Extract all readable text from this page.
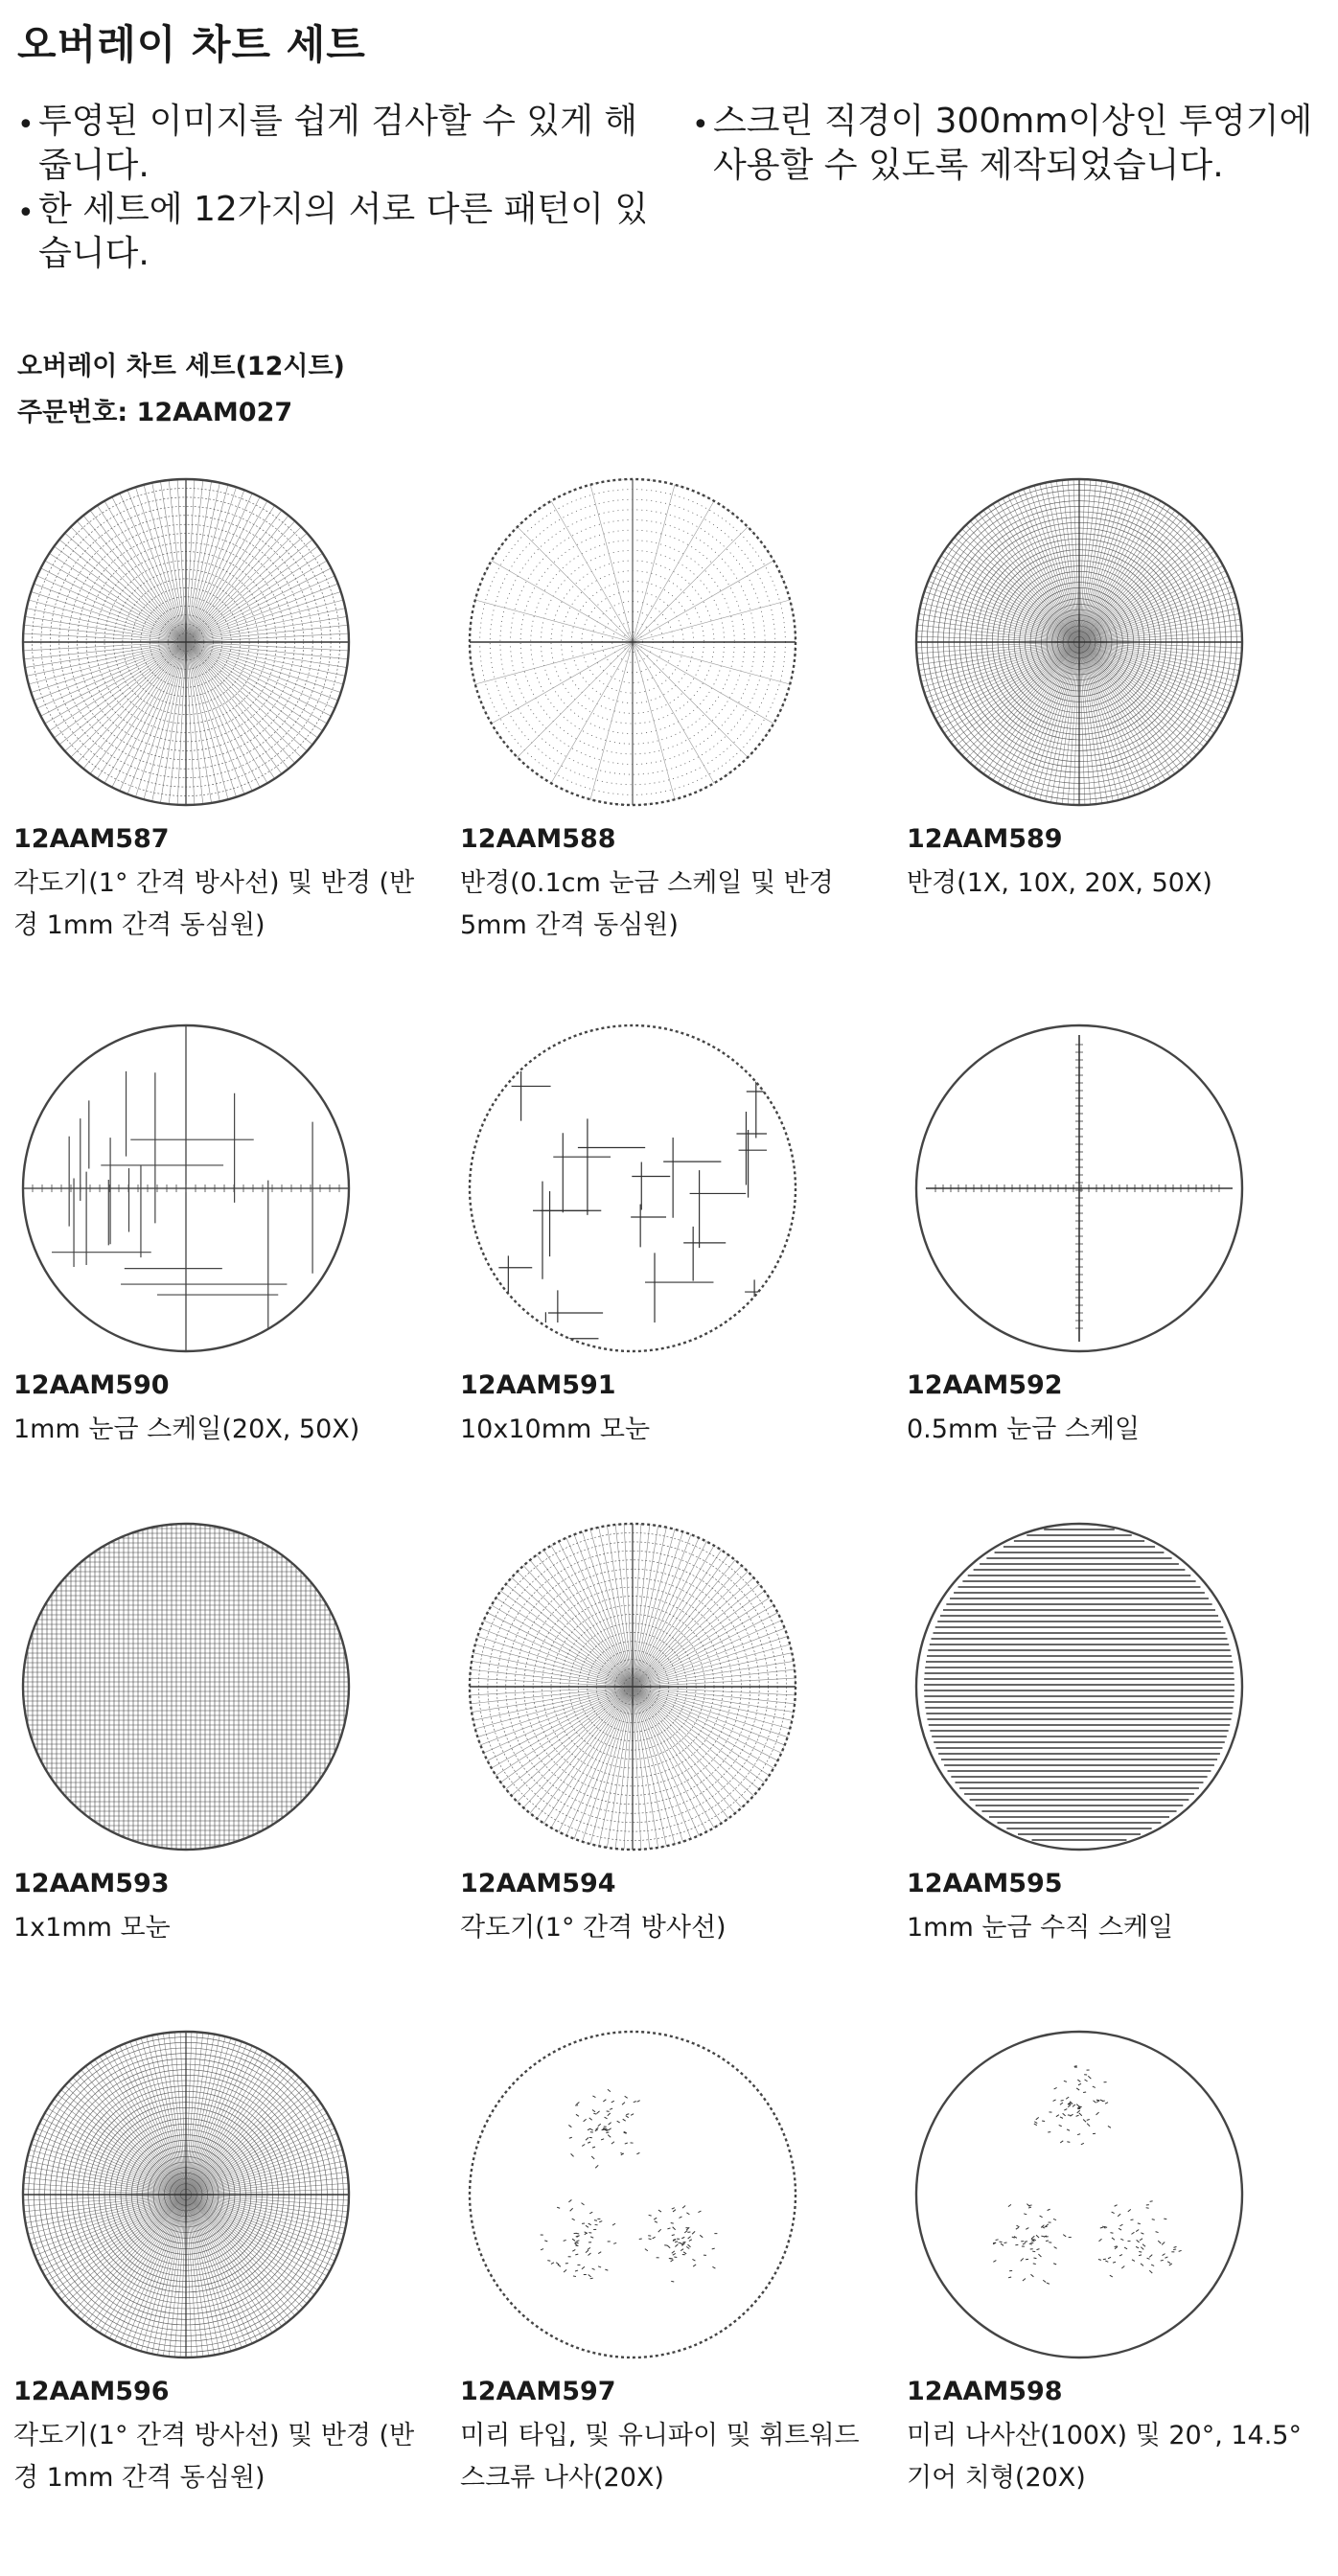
오버레이 차트 세트
• 투영된 이미지를 쉽게 검사할 수 있게 해줍니다.
• 한 세트에 12가지의 서로 다른 패턴이 있습니다.
• 스크린 직경이 300mm이상인 투영기에 사용할 수 있도록 제작되었습니다.
오버레이 차트 세트(12시트)
주문번호: 12AAM027
12AAM587
각도기(1° 간격 방사선) 및 반경 (반경 1mm 간격 동심원)
12AAM588
반경(0.1cm 눈금 스케일 및 반경 5mm 간격 동심원)
12AAM589
반경(1X, 10X, 20X, 50X)
12AAM590
1mm 눈금 스케일(20X, 50X)
12AAM591
10x10mm 모눈
12AAM592
0.5mm 눈금 스케일
12AAM593
1x1mm 모눈
12AAM594
각도기(1° 간격 방사선)
12AAM595
1mm 눈금 수직 스케일
12AAM596
각도기(1° 간격 방사선) 및 반경 (반경 1mm 간격 동심원)
12AAM597
미리 타입, 및 유니파이 및 휘트워드 스크류 나사(20X)
12AAM598
미리 나사산(100X) 및 20°, 14.5° 기어 치형(20X)
